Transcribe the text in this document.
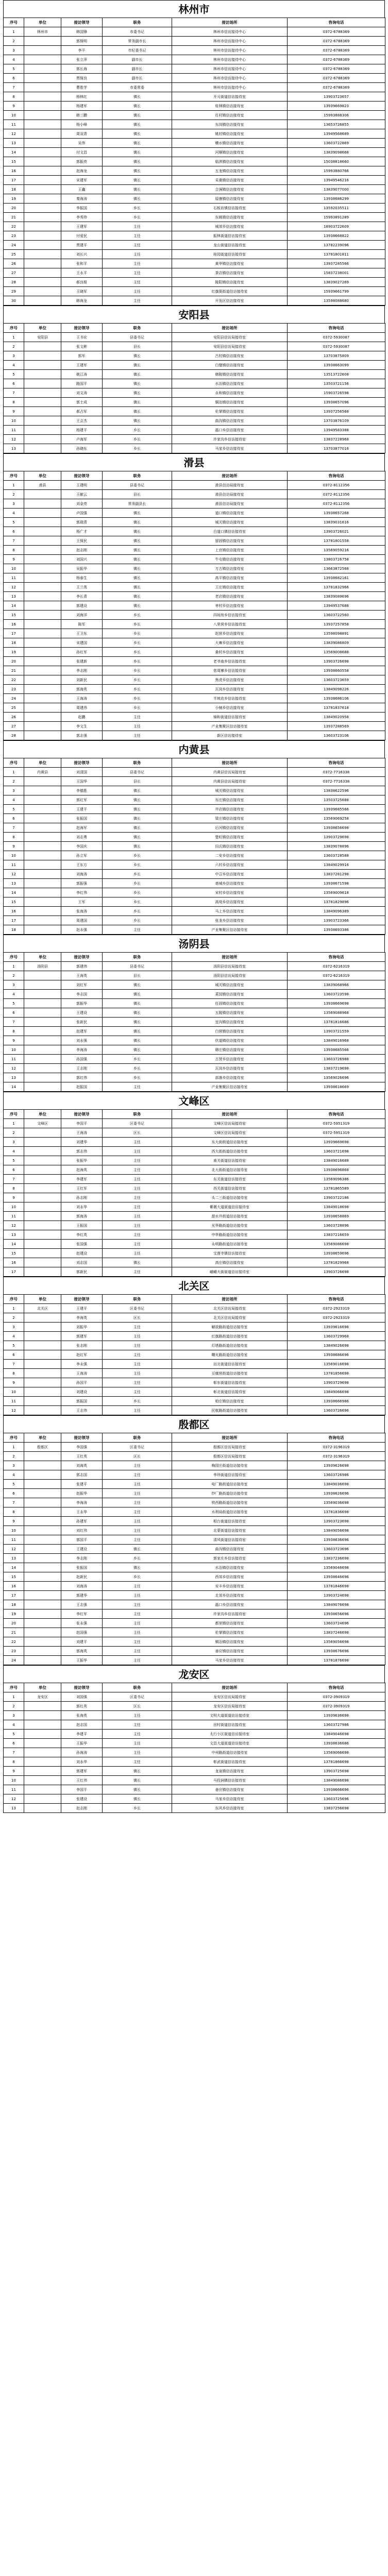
林州市
序号	单位	接访领导	职务	接访场所	咨询电话
1	林州市	韩国锋	市委书记	林州市信访接待中心	0372-6788369
2		郭保明	常务副市长	林州市信访接待中心	0372-6788369
3		李平	市纪委书记	林州市信访接待中心	0372-6788369
4		张立萍	副市长	林州市信访接待中心	0372-6788369
5		郭长海	副市长	林州市信访接待中心	0372-6788369
6		贾保良	副市长	林州市信访接待中心	0372-6788369
7		曹胜学	市委常委	林州市信访接待中心	0372-6788369
8		杨林红	镇长	开元街道信访接待室	13903723657
9		杨建军	镇长	桂林镇信访接待室	13939669823
10		韩三鹏	镇长	任村镇信访接待室	15993888306
11		杨小峰	镇长	东岗镇信访接待室	13653726855
12		周双青	镇长	姚村镇信访接待室	13949568689
13		吴伟	镇长	横水镇信访接待室	13603722869
14		付文昌	镇长	河顺镇信访接待室	13839098668
15		郭振亮	镇长	临淇镇信访接待室	15038818660
16		赵海龙	镇长	五龙镇信访接待室	15993880766
17		宋建军	镇长	采桑镇信访接待室	13949546216
18		王鑫	镇长	合涧镇信访接待室	13839077000
19		秦海涛	镇长	原康镇信访接待室	13938686299
20		李振国	乡长	石板岩镇信访接待室	13592035511
21		李秀珍	乡长	东姚镇信访接待室	15993891289
22		王建军	主任	城郊乡信访接待室	18903722609
23		付爱民	主任	振林街道信访接待室	13938668822
24		贾建平	主任	龙山街道信访接待室	13782239096
25		刘长兴	主任	桂园街道信访接待室	13781801811
26		张和平	主任	黄华镇信访接待室	13937285566
27		王永平	主任	茶店镇信访接待室	15837238001
28		郝良根	主任	陵阳镇信访接待室	13839027269
29		王晓军	主任	红旗渠街道信访接待室	15939661799
30		韩海龙	主任	开发区信访接待室	13598088680
安阳县
序号	单位	接访领导	职务	接访场所	咨询电话
1	安阳县	王书宏	县委书记	安阳县信访局接待室	0372-5930087
2		张文彬	县长	安阳县信访局接待室	0372-5930087
3		郭军	镇长	吕村镇信访接待室	13703875809
4		王建军	镇长	白璧镇信访接待室	13938663099
5		姚江涛	镇长	韩陵镇信访接待室	13513722608
6		路国平	镇长	水冶镇信访接待室	13503721156
7		刘文涛	镇长	永和镇信访接待室	15903726598
8		郭士成	镇长	铜冶镇信访接待室	13938657096
9		郝占军	镇长	伦掌镇信访接待室	13937256568
10		王会杰	镇长	曲沟镇信访接待室	13703876109
11		杨建平	乡长	磊口乡信访接待室	13949583388
12		卢海军	乡长	许家沟乡信访接待室	13837228968
13		孙晓东	乡长	马家乡信访接待室	13703877016
滑县
序号	单位	接访领导	职务	接访场所	咨询电话
1	滑县	王建明	县委书记	滑县信访局接待室	0372-8112356
2		王献云	县长	滑县信访局接待室	0372-8112356
3		刘金亮	常务副县长	滑县信访局接待室	0372-8112356
4		卢国强	镇长	道口镇信访接待室	13938657268
5		郭瑞青	镇长	城关镇信访接待室	13839031616
6		杨广才	镇长	白道口镇信访接待室	13903726021
7		王保民	镇长	留固镇信访接待室	13781801558
8		赵志刚	镇长	上官镇信访接待室	13569059216
9		刘国兴	镇长	牛屯镇信访接待室	13803726758
10		吴振华	镇长	万古镇信访接待室	13663872568
11		杨春生	镇长	高平镇信访接待室	13938682161
12		王兰英	镇长	王庄镇信访接待室	13781832966
13		李长青	镇长	老店镇信访接待室	13839089696
14		郭建设	镇长	枣村乡信访接待室	13949537688
15		刘海洋	乡长	四间房乡信访接待室	13603722560
16		陈军	乡长	八里营乡信访接待室	13937257858
17		王卫东	乡长	赵营乡信访接待室	13598098891
18		宋建国	乡长	大寨乡信访接待室	13839086809
19		孙红军	乡长	桑村乡信访接待室	13569008688
20		张建新	乡长	老爷庙乡信访接待室	13903726698
21		李志刚	乡长	慈周寨乡信访接待室	13938660558
22		刘新民	乡长	焦虎乡信访接待室	13603723659
23		郭海英	乡长	瓦岗乡信访接待室	13849098226
24		王海涛	乡长	半坡店乡信访接待室	13938686106
25		周建伟	乡长	小铺乡信访接待室	13781837618
26		赵鹏	主任	锦和街道信访接待室	13849020958
27		李文生	主任	产业集聚区信访接待室	13937288569
28		郭志强	主任	新区信访接待室	13603723106
内黄县
序号	单位	接访领导	职务	接访场所	咨询电话
1	内黄县	刘清国	县委书记	内黄县信访局接待室	0372-7716338
2		王国华	县长	内黄县信访局接待室	0372-7716338
3		李德胜	镇长	城关镇信访接待室	13838622596
4		郭红军	镇长	东庄镇信访接待室	13503725688
5		王建平	镇长	井店镇信访接待室	13939685566
6		张振国	镇长	梁庄镇信访接待室	13569069258
7		赵海军	镇长	后河镇信访接待室	13938656698
8		刘志勇	镇长	楚旺镇信访接待室	13903729698
9		李国庆	镇长	田氏镇信访接待室	13839078896
10		孙立军	乡长	二安乡信访接待室	13603728588
11		王东方	乡长	六村乡信访接待室	13849029916
12		刘海涛	乡长	中召乡信访接待室	13837281298
13		郭振强	乡长	亳城乡信访接待室	13938671598
14		李红伟	乡长	宋村乡信访接待室	13569009618
15		王军	乡长	高堤乡信访接待室	13781829896
16		张海涛	乡长	马上乡信访接待室	13849096389
17		周建国	乡长	张龙乡信访接待室	13903723366
18		赵永强	主任	产业集聚区信访接待室	13938693386
汤阴县
序号	单位	接访领导	职务	接访场所	咨询电话
1	汤阴县	郭建伟	县委书记	汤阴县信访局接待室	0372-6216319
2		王海英	县长	汤阴县信访局接待室	0372-6216319
3		刘红军	镇长	城关镇信访接待室	13839068966
4		李志国	镇长	菜园镇信访接待室	13603723598
5		郭振华	镇长	任固镇信访接待室	13938669698
6		王建设	镇长	五陵镇信访接待室	13569088968
7		张新民	镇长	宜沟镇信访接待室	13781816686
8		赵建军	镇长	白营镇信访接待室	13903721559
9		刘永强	镇长	伏道镇信访接待室	13849016968
10		李海涛	镇长	韩庄镇信访接待室	13938685566
11		孙国强	乡长	古贤乡信访接待室	13603726988
12		王志刚	乡长	瓦岗乡信访接待室	13837219698
13		郭红伟	乡长	部落乡信访接待室	13569026696
14		赵振国	主任	产业集聚区信访接待室	13938618669
文峰区
序号	单位	接访领导	职务	接访场所	咨询电话
1	文峰区	李国平	区委书记	文峰区信访局接待室	0372-5951319
2		王海涛	区长	文峰区信访局接待室	0372-5951319
3		刘建华	主任	东大街街道信访接待室	13939669698
4		郭志伟	主任	西大街街道信访接待室	13603721698
5		张振华	主任	南关街道信访接待室	13849016688
6		赵海英	主任	北大街街道信访接待室	13938696868
7		李建军	主任	东关街道信访接待室	13569096386
8		王红军	主任	西关街道信访接待室	13781865589
9		孙志刚	主任	头二三街道信访接待室	13903722186
10		刘永华	主任	紫薇大道街道信访接待室	13849018698
11		郭海涛	主任	甜水井街道信访接待室	13938658869
12		王振国	主任	光华路街道信访接待室	13603728896
13		李红英	主任	中华路街道信访接待室	13837216659
14		张国强	主任	永明路街道信访接待室	13569086698
15		赵建设	主任	宝莲寺镇信访接待室	13938659696
16		刘志国	镇长	高庄镇信访接待室	13781829968
17		郭新民	主任	峨嵋大街街道信访接待室	13903726698
北关区
序号	单位	接访领导	职务	接访场所	咨询电话
1	北关区	王建平	区委书记	北关区信访局接待室	0372-2923319
2		李海英	区长	北关区信访局接待室	0372-2923319
3		刘振华	主任	解放路街道信访接待室	13939616698
4		郭建军	主任	红旗路街道信访接待室	13603729968
5		张志刚	主任	灯塔路街道信访接待室	13849026698
6		赵红军	主任	曙光路街道信访接待室	13938686696
7		李永强	主任	洹北街道信访接待室	13569016698
8		王海涛	主任	豆腐营街道信访接待室	13781856698
9		孙国平	主任	彰东街道信访接待室	13903729698
10		刘建设	主任	彰北街道信访接待室	13849066698
11		郭振国	乡长	柏庄镇信访接待室	13938666986
12		王志伟	主任	民航路街道信访接待室	13603726696
殷都区
序号	单位	接访领导	职务	接访场所	咨询电话
1	殷都区	李国强	区委书记	殷都区信访局接待室	0372-3196319
2		王红英	区长	殷都区信访局接待室	0372-3196319
3		刘海英	主任	梅园庄街道信访接待室	13939626698
4		郭志国	主任	李珍街道信访接待室	13603726986
5		张建平	主任	电厂路街道信访接待室	13849036698
6		赵振华	主任	纱厂路街道信访接待室	13938626696
7		李海涛	主任	铁西路街道信访接待室	13569036698
8		王永华	主任	水利局街道信访接待室	13781836698
9		孙建军	主任	相台街道信访接待室	13903723698
10		刘红伟	主任	北蒙街道信访接待室	13849056698
11		郭国平	主任	清风街道信访接待室	13938636696
12		王建设	镇长	曲沟镇信访接待室	13603723696
13		李志刚	乡长	郭家庄乡信访接待室	13837236698
14		张振国	镇长	水冶镇信访接待室	13569046698
15		赵新民	乡长	西郊乡信访接待室	13938646696
16		刘海涛	主任	安丰乡信访接待室	13781846698
17		郭建华	主任	北郊乡信访接待室	13903724698
18		王志强	主任	磊口乡信访接待室	13849076698
19		李红军	主任	许家沟乡信访接待室	13938656696
20		张永强	主任	都里镇信访接待室	13603724696
21		赵国强	主任	伦掌镇信访接待室	13837246698
22		刘建平	主任	铜冶镇信访接待室	13569056698
23		郭海英	主任	善应镇信访接待室	13938676696
24		王振华	主任	马家乡信访接待室	13781876698
龙安区
序号	单位	接访领导	职务	接访场所	咨询电话
1	龙安区	刘国强	区委书记	龙安区信访局接待室	0372-3909319
2		郭红英	区长	龙安区信访局接待室	0372-3909319
3		张海英	主任	文明大道街道信访接待室	13939636698
4		赵志国	主任	田村街道信访接待室	13603727986
5		李建平	主任	太行小区街道信访接待室	13849046698
6		王振华	主任	文昌大道街道信访接待室	13938636686
7		孙海涛	主任	中州路街道信访接待室	13569066698
8		刘永华	主任	彰武街道信访接待室	13781866698
9		郭建军	镇长	龙泉镇信访接待室	13903725698
10		王红伟	镇长	马投涧镇信访接待室	13849086698
11		李国平	镇长	善应镇信访接待室	13938666696
12		张建设	镇长	马家乡信访接待室	13603725696
13		赵志刚	乡长	东风乡信访接待室	13837256698
